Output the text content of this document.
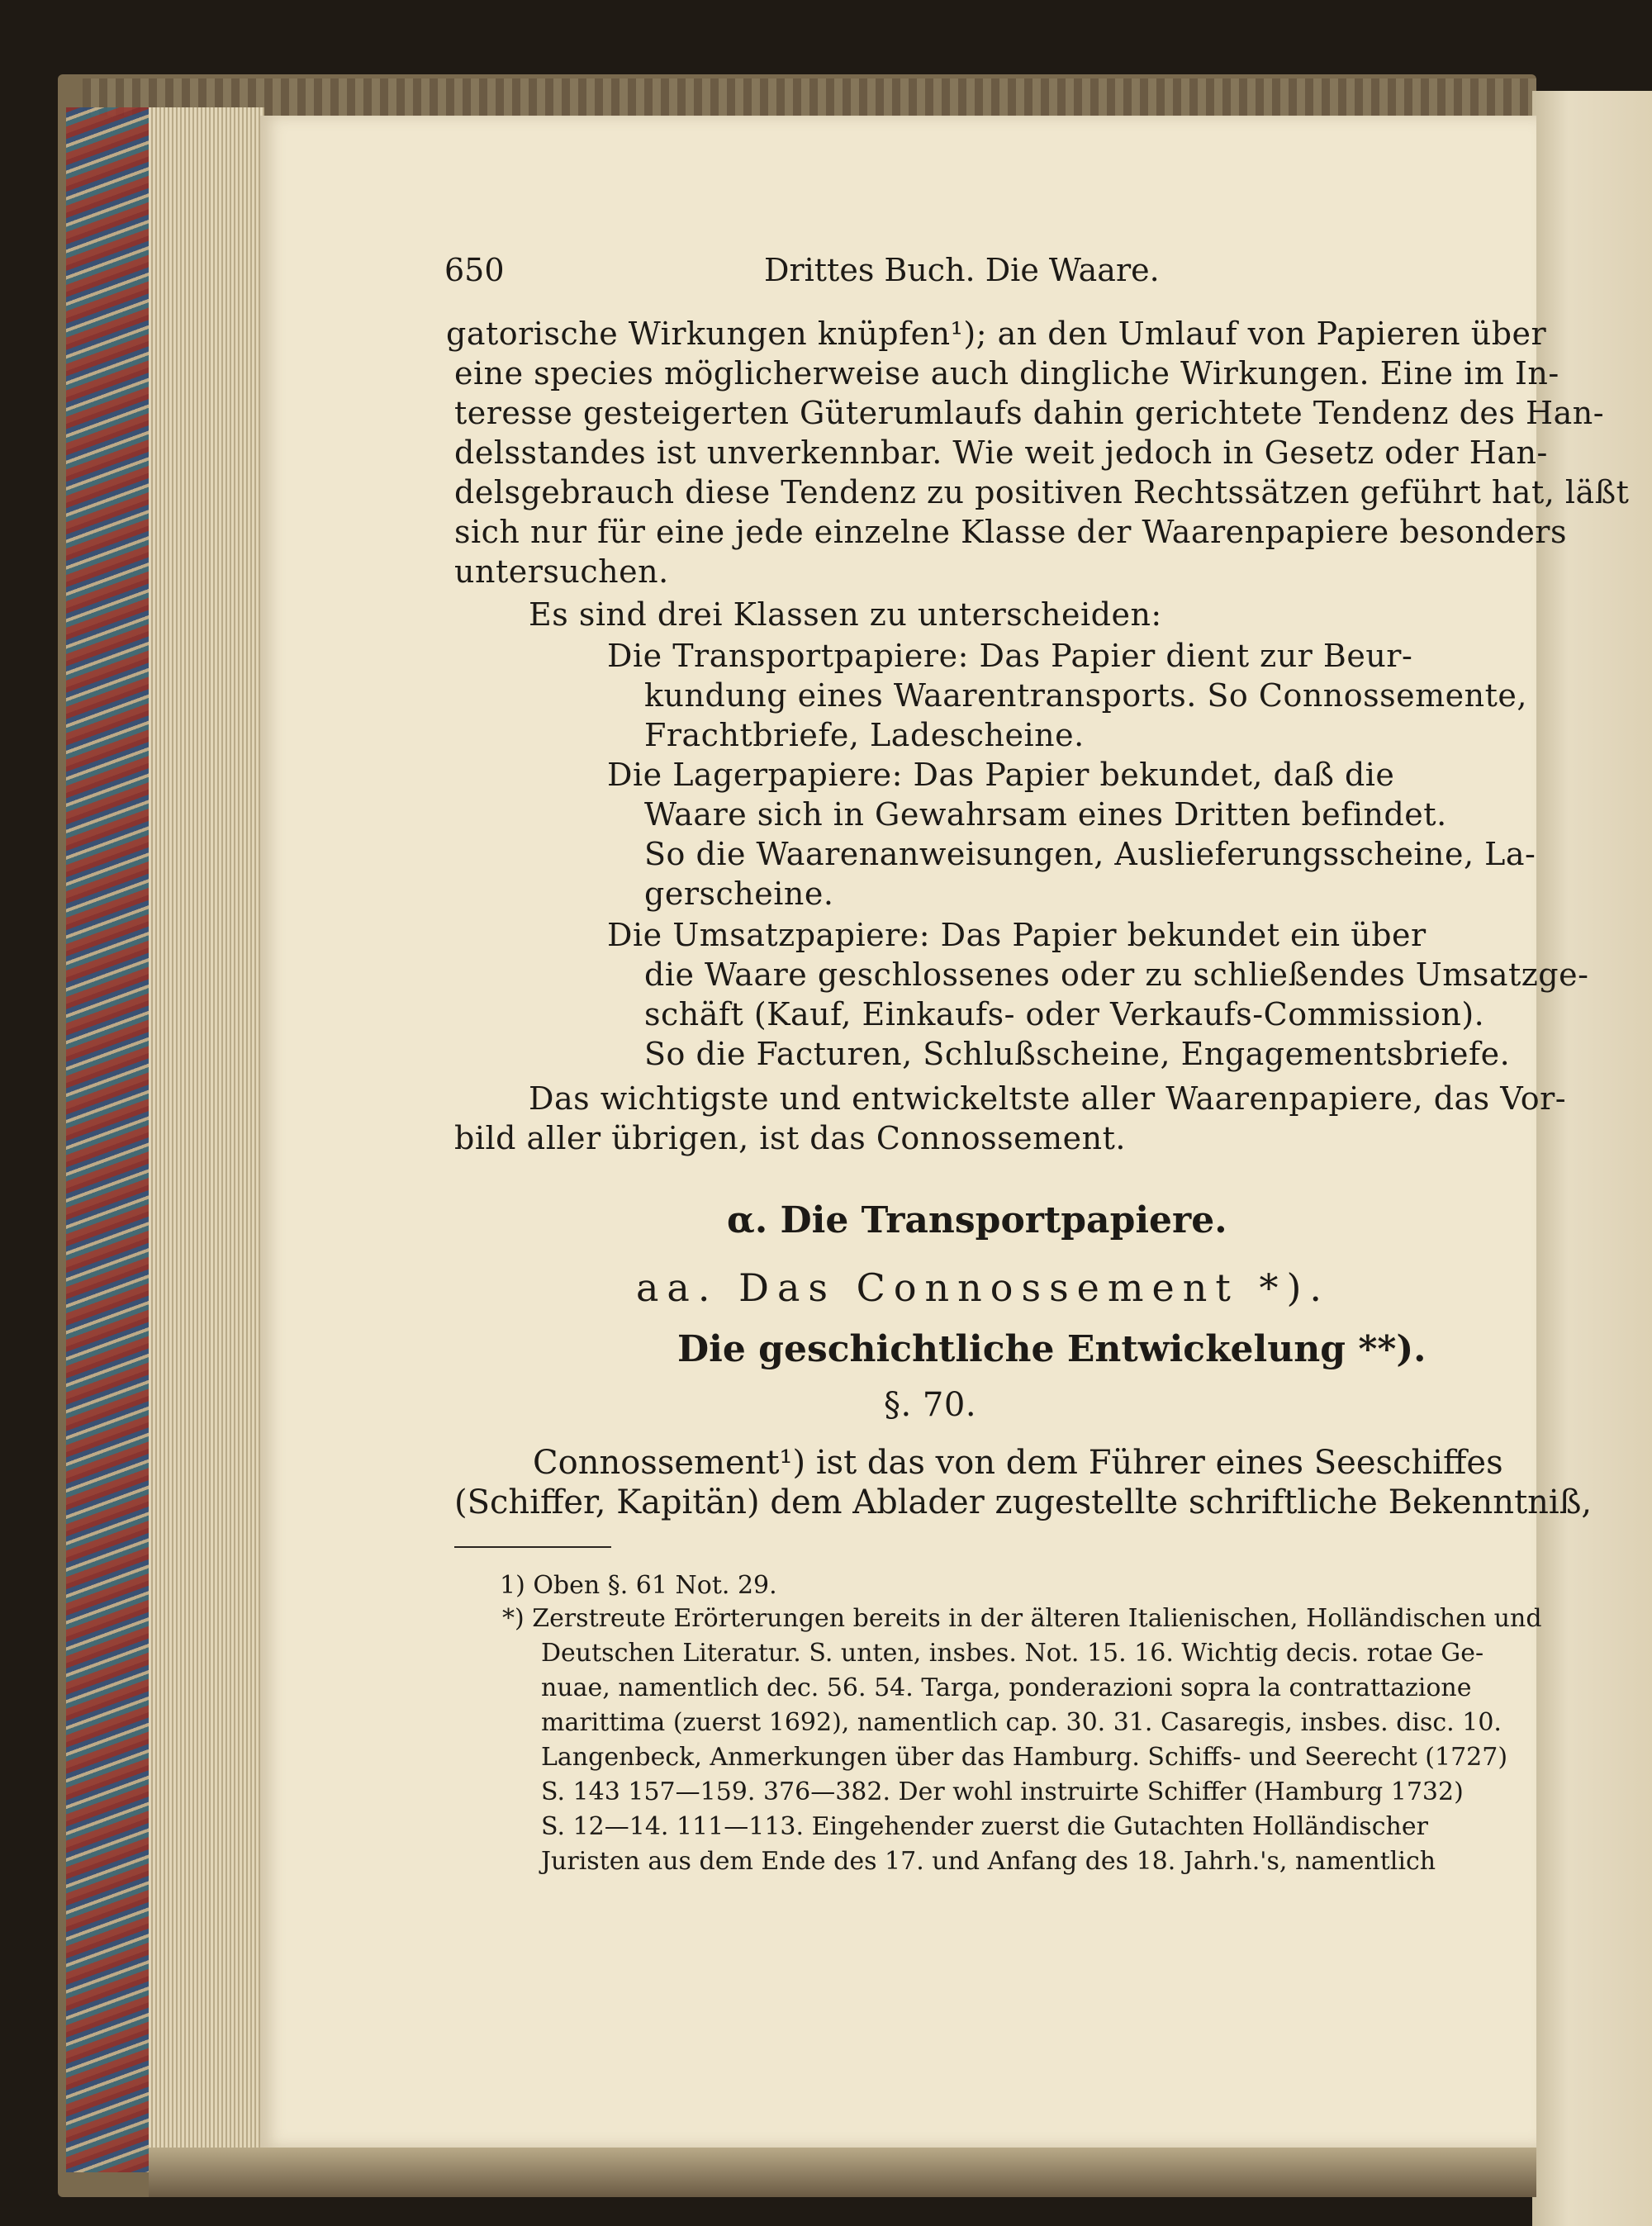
650	Drittes Buch. Die Waare.
gatorische Wirkungen knüpfen¹); an den Umlauf von Papieren über
eine species möglicherweise auch dingliche Wirkungen. Eine im In-
teresse gesteigerten Güterumlaufs dahin gerichtete Tendenz des Han-
delsstandes ist unverkennbar. Wie weit jedoch in Gesetz oder Han-
delsgebrauch diese Tendenz zu positiven Rechtssätzen geführt hat, läßt
sich nur für eine jede einzelne Klasse der Waarenpapiere besonders
untersuchen.
Es sind drei Klassen zu unterscheiden:
Die Transportpapiere: Das Papier dient zur Beur-
kundung eines Waarentransports. So Connossemente,
Frachtbriefe, Ladescheine.
Die Lagerpapiere: Das Papier bekundet, daß die
Waare sich in Gewahrsam eines Dritten befindet.
So die Waarenanweisungen, Auslieferungsscheine, La-
gerscheine.
Die Umsatzpapiere: Das Papier bekundet ein über
die Waare geschlossenes oder zu schließendes Umsatzge-
schäft (Kauf, Einkaufs- oder Verkaufs-Commission).
So die Facturen, Schlußscheine, Engagementsbriefe.
Das wichtigste und entwickeltste aller Waarenpapiere, das Vor-
bild aller übrigen, ist das Connossement.
α. Die Transportpapiere.
aa. Das Connossement *).
Die geschichtliche Entwickelung **).
§. 70.
Connossement¹) ist das von dem Führer eines Seeschiffes
(Schiffer, Kapitän) dem Ablader zugestellte schriftliche Bekenntniß,
1) Oben §. 61 Not. 29.
*) Zerstreute Erörterungen bereits in der älteren Italienischen, Holländischen und
Deutschen Literatur. S. unten, insbes. Not. 15. 16. Wichtig decis. rotae Ge-
nuae, namentlich dec. 56. 54. Targa, ponderazioni sopra la contrattazione
marittima (zuerst 1692), namentlich cap. 30. 31. Casaregis, insbes. disc. 10.
Langenbeck, Anmerkungen über das Hamburg. Schiffs- und Seerecht (1727)
S. 143 157—159. 376—382. Der wohl instruirte Schiffer (Hamburg 1732)
S. 12—14. 111—113. Eingehender zuerst die Gutachten Holländischer
Juristen aus dem Ende des 17. und Anfang des 18. Jahrh.'s, namentlich
